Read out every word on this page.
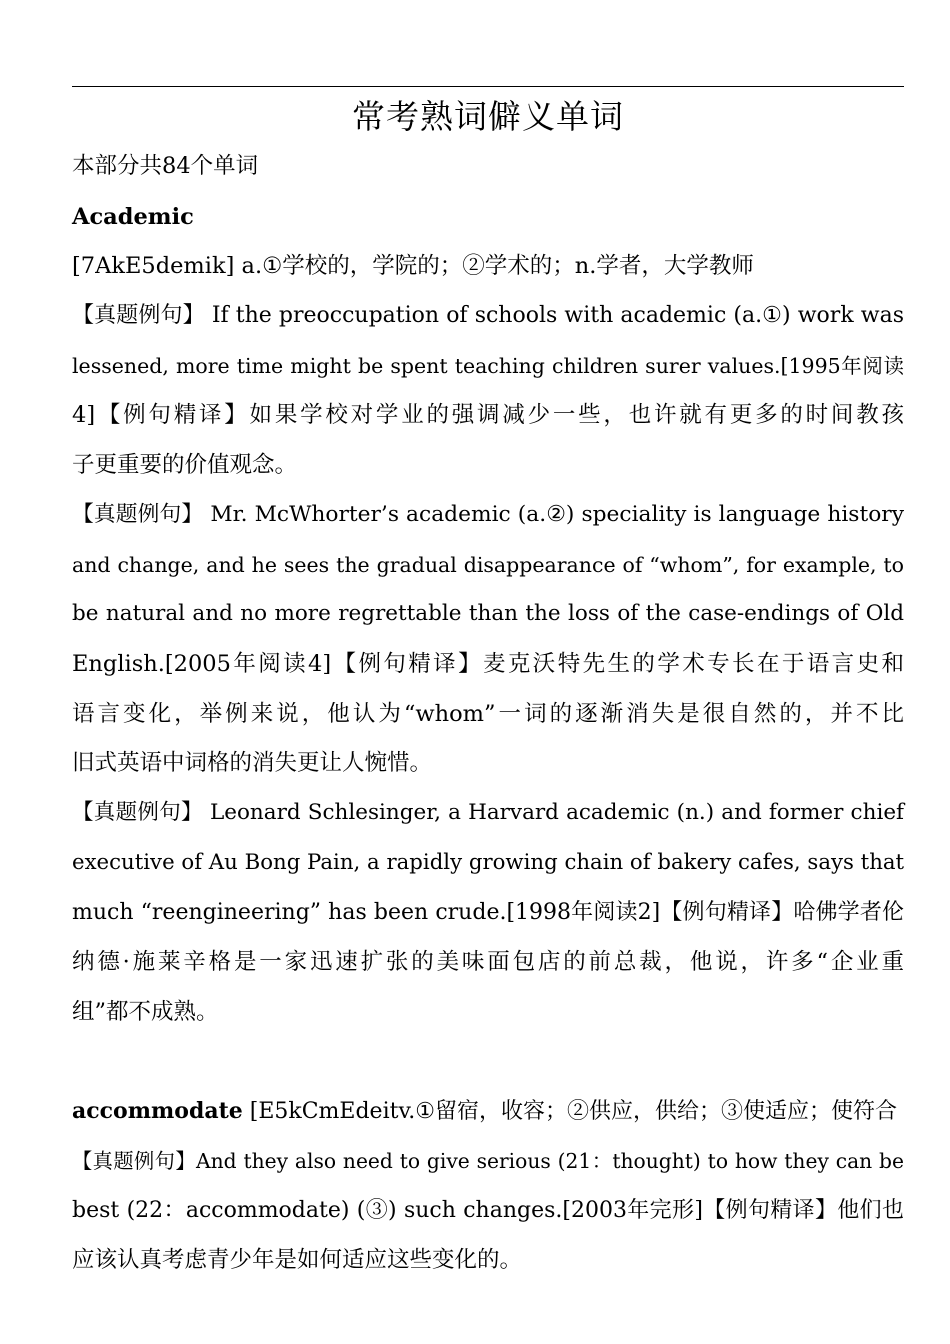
常考熟词僻义单词
本部分共84个单词
Academic
[7AkE5demik] a.①学校的，学院的；②学术的；n.学者，大学教师
【真题例句】 If the preoccupation of schools with academic (a.①) work was
lessened, more time might be spent teaching children surer values.[1995年阅读
4]【例句精译】如果学校对学业的强调减少一些，也许就有更多的时间教孩
子更重要的价值观念。
【真题例句】 Mr. McWhorter’s academic (a.②) speciality is language history
and change, and he sees the gradual disappearance of “whom”, for example, to
be natural and no more regrettable than the loss of the case-endings of Old
English.[2005年阅读4]【例句精译】麦克沃特先生的学术专长在于语言史和
语言变化，举例来说，他认为“whom”一词的逐渐消失是很自然的，并不比
旧式英语中词格的消失更让人惋惜。
【真题例句】 Leonard Schlesinger, a Harvard academic (n.) and former chief
executive of Au Bong Pain, a rapidly growing chain of bakery cafes, says that
much “reengineering” has been crude.[1998年阅读2]【例句精译】哈佛学者伦
纳德·施莱辛格是一家迅速扩张的美味面包店的前总裁，他说，许多“企业重
组”都不成熟。
accommodate [E5kCmEdeitv.①留宿，收容；②供应，供给；③使适应；使符合
【真题例句】And they also need to give serious (21：thought) to how they can be
best (22：accommodate) (③) such changes.[2003年完形]【例句精译】他们也
应该认真考虑青少年是如何适应这些变化的。
